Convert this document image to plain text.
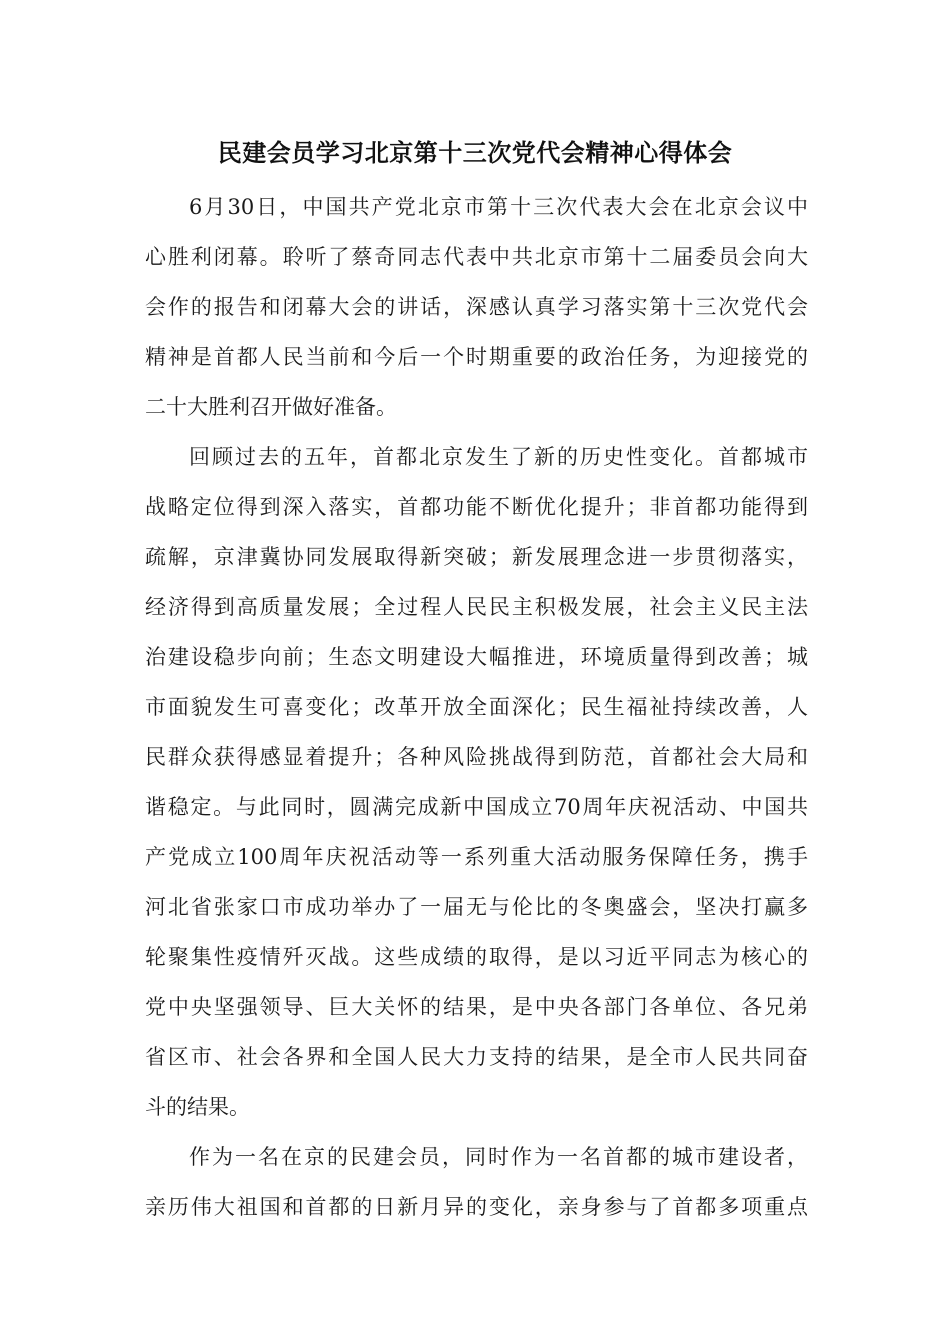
民建会员学习北京第十三次党代会精神心得体会
6月30日，中国共产党北京市第十三次代表大会在北京会议中
心胜利闭幕。聆听了蔡奇同志代表中共北京市第十二届委员会向大
会作的报告和闭幕大会的讲话，深感认真学习落实第十三次党代会
精神是首都人民当前和今后一个时期重要的政治任务，为迎接党的
二十大胜利召开做好准备。
回顾过去的五年，首都北京发生了新的历史性变化。首都城市
战略定位得到深入落实，首都功能不断优化提升；非首都功能得到
疏解，京津冀协同发展取得新突破；新发展理念进一步贯彻落实，
经济得到高质量发展；全过程人民民主积极发展，社会主义民主法
治建设稳步向前；生态文明建设大幅推进，环境质量得到改善；城
市面貌发生可喜变化；改革开放全面深化；民生福祉持续改善，人
民群众获得感显着提升；各种风险挑战得到防范，首都社会大局和
谐稳定。与此同时，圆满完成新中国成立70周年庆祝活动、中国共
产党成立100周年庆祝活动等一系列重大活动服务保障任务，携手
河北省张家口市成功举办了一届无与伦比的冬奥盛会，坚决打赢多
轮聚集性疫情歼灭战。这些成绩的取得，是以习近平同志为核心的
党中央坚强领导、巨大关怀的结果，是中央各部门各单位、各兄弟
省区市、社会各界和全国人民大力支持的结果，是全市人民共同奋
斗的结果。
作为一名在京的民建会员，同时作为一名首都的城市建设者，
亲历伟大祖国和首都的日新月异的变化，亲身参与了首都多项重点
